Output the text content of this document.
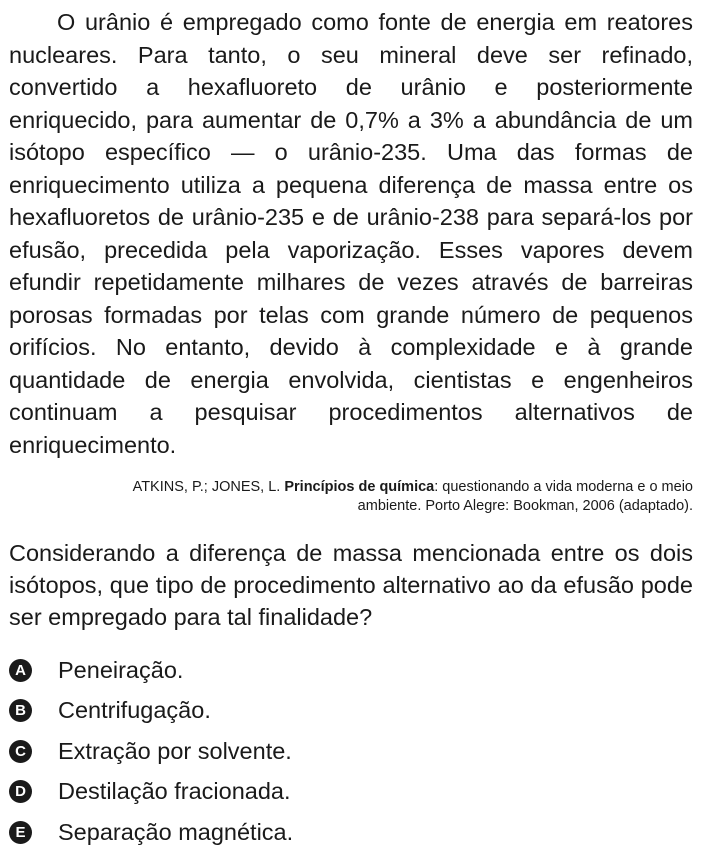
O urânio é empregado como fonte de energia em reatores nucleares. Para tanto, o seu mineral deve ser refinado, convertido a hexafluoreto de urânio e posteriormente enriquecido, para aumentar de 0,7% a 3% a abundância de um isótopo específico — o urânio-235. Uma das formas de enriquecimento utiliza a pequena diferença de massa entre os hexafluoretos de urânio-235 e de urânio-238 para separá-los por efusão, precedida pela vaporização. Esses vapores devem efundir repetidamente milhares de vezes através de barreiras porosas formadas por telas com grande número de pequenos orifícios. No entanto, devido à complexidade e à grande quantidade de energia envolvida, cientistas e engenheiros continuam a pesquisar procedimentos alternativos de enriquecimento.

ATKINS, P.; JONES, L. Princípios de química: questionando a vida moderna e o meio ambiente. Porto Alegre: Bookman, 2006 (adaptado).

Considerando a diferença de massa mencionada entre os dois isótopos, que tipo de procedimento alternativo ao da efusão pode ser empregado para tal finalidade?

A Peneiração.
B Centrifugação.
C Extração por solvente.
D Destilação fracionada.
E Separação magnética.
